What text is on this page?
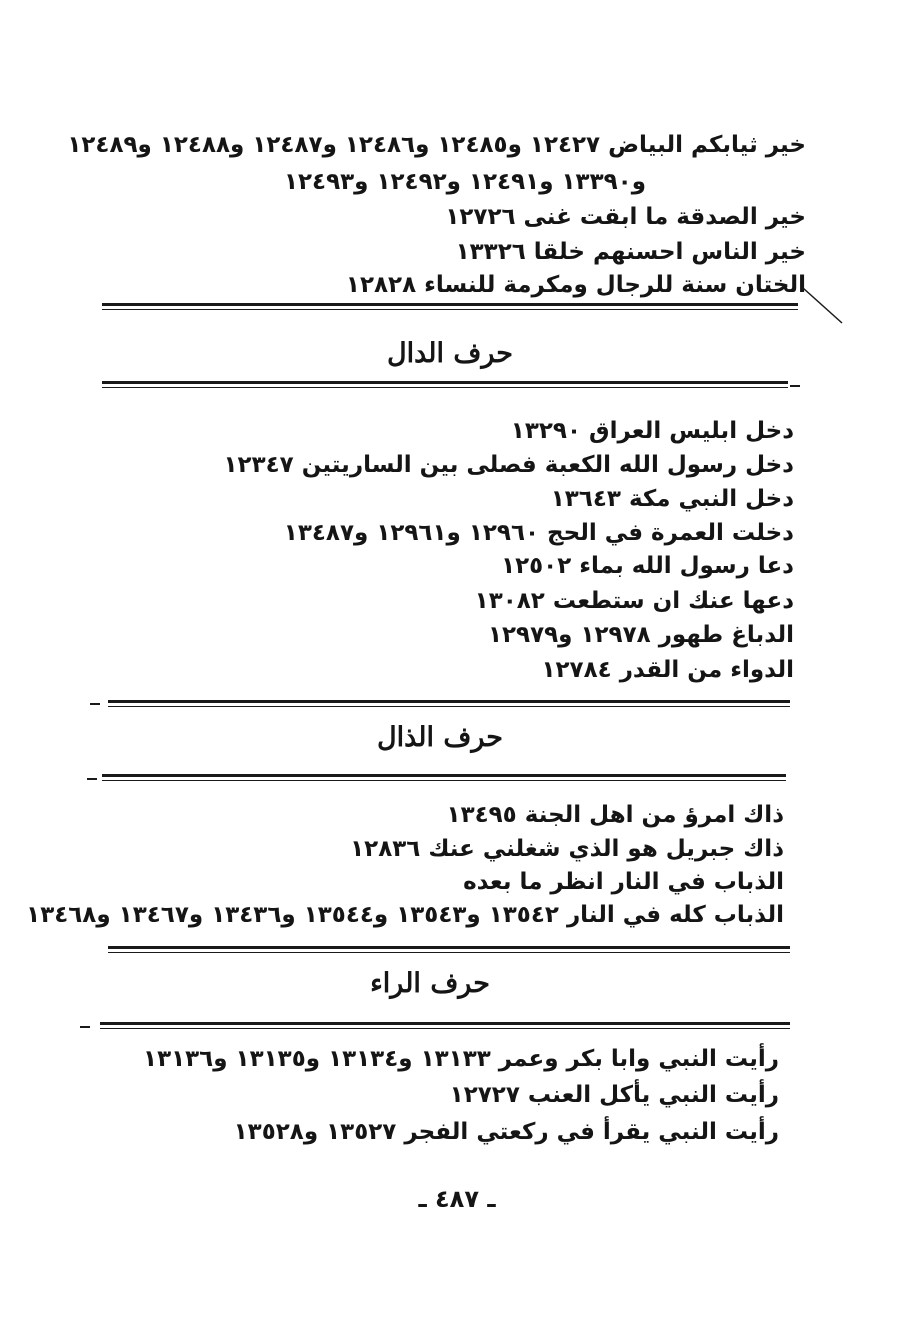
خير ثيابكم البياض ١٢٤٢٧ و١٢٤٨٥ و١٢٤٨٦ و١٢٤٨٧ و١٢٤٨٨ و١٢٤٨٩
و١٣٣٩٠ و١٢٤٩١ و١٢٤٩٢ و١٢٤٩٣
خير الصدقة ما ابقت غنى ١٢٧٢٦
خير الناس احسنهم خلقا ١٣٣٢٦
الختان سنة للرجال ومكرمة للنساء ١٢٨٢٨
حرف الدال
دخل ابليس العراق ١٣٢٩٠
دخل رسول الله الكعبة فصلى بين الساريتين ١٢٣٤٧
دخل النبي مكة ١٣٦٤٣
دخلت العمرة في الحج ١٢٩٦٠ و١٢٩٦١ و١٣٤٨٧
دعا رسول الله بماء ١٢٥٠٢
دعها عنك ان ستطعت ١٣٠٨٢
الدباغ طهور ١٢٩٧٨ و١٢٩٧٩
الدواء من القدر ١٢٧٨٤
حرف الذال
ذاك امرؤ من اهل الجنة ١٣٤٩٥
ذاك جبريل هو الذي شغلني عنك ١٢٨٣٦
الذباب في النار انظر ما بعده
الذباب كله في النار ١٣٥٤٢ و١٣٥٤٣ و١٣٥٤٤ و١٣٤٣٦ و١٣٤٦٧ و١٣٤٦٨
حرف الراء
رأيت النبي وابا بكر وعمر ١٣١٣٣ و١٣١٣٤ و١٣١٣٥ و١٣١٣٦
رأيت النبي يأكل العنب ١٢٧٢٧
رأيت النبي يقرأ في ركعتي الفجر ١٣٥٢٧ و١٣٥٢٨
ـ ٤٨٧ ـ
